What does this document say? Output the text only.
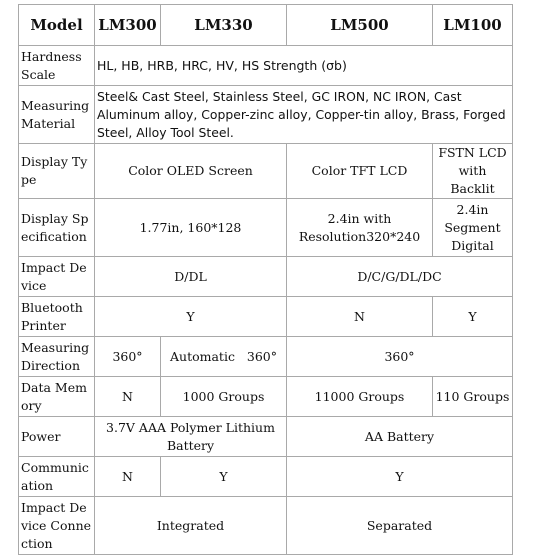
Model	LM300	LM330	LM500	LM100
Hardness Scale	HL, HB, HRB, HRC, HV, HS Strength (σb)			
Measuring Material	Steel& Cast Steel, Stainless Steel, GC IRON, NC IRON, Cast Aluminum alloy, Copper-zinc alloy, Copper-tin alloy, Brass, Forged Steel, Alloy Tool Steel.			
Display Type	Color OLED Screen		Color TFT LCD	FSTN LCD with Backlit
Display Specification	1.77in, 160*128		2.4in with Resolution320*240	2.4in Segment Digital
Impact Device	D/DL		D/C/G/DL/DC	
Bluetooth Printer	Y		N	Y
Measuring Direction	360°	Automatic   360°	360°	
Data Memory	N	1000 Groups	11000 Groups	110 Groups
Power	3.7V AAA Polymer Lithium Battery		AA Battery	
Communication	N	Y	Y	
Impact Device Connection	Integrated		Separated	
